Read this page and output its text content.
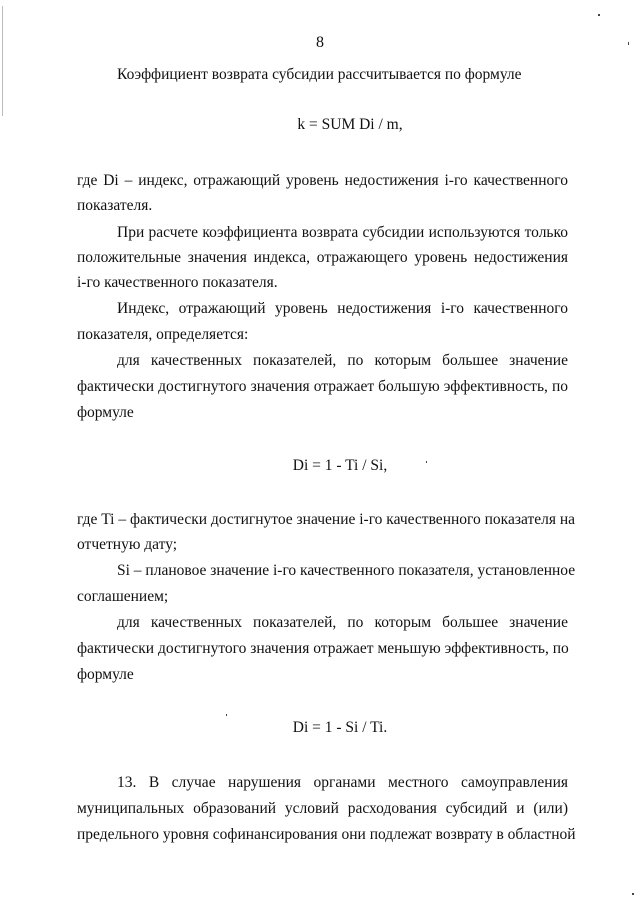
8
Коэффициент возврата субсидии рассчитывается по формуле
k = SUM Di / m,
где Di – индекс, отражающий уровень недостижения i-го качественного
показателя.
При расчете коэффициента возврата субсидии используются только
положительные значения индекса, отражающего уровень недостижения
i-го качественного показателя.
Индекс, отражающий уровень недостижения i-го качественного
показателя, определяется:
для качественных показателей, по которым большее значение
фактически достигнутого значения отражает большую эффективность, по
формуле
Di = 1 - Ti / Si,
где Ti – фактически достигнутое значение i-го качественного показателя на
отчетную дату;
Si – плановое значение i-го качественного показателя, установленное
соглашением;
для качественных показателей, по которым большее значение
фактически достигнутого значения отражает меньшую эффективность, по
формуле
Di = 1 - Si / Ti.
13. В случае нарушения органами местного самоуправления
муниципальных образований условий расходования субсидий и (или)
предельного уровня софинансирования они подлежат возврату в областной
